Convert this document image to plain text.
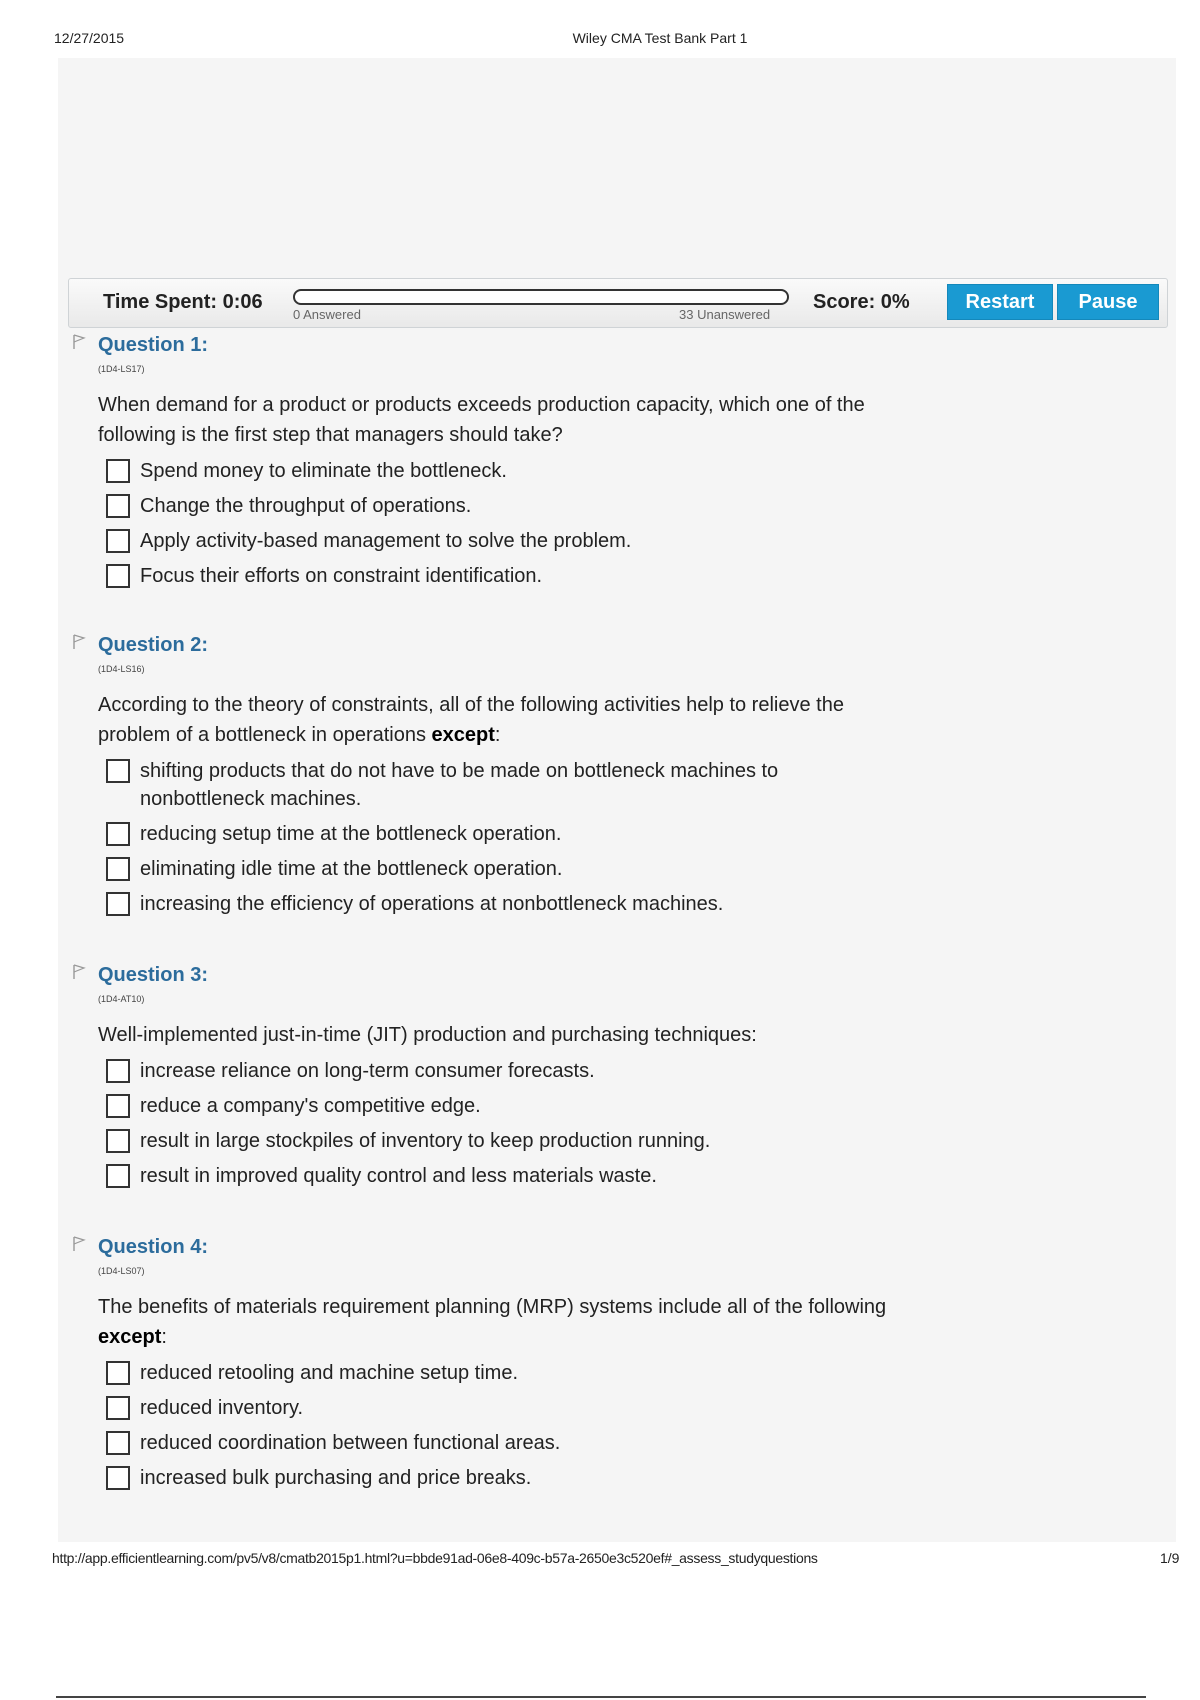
12/27/2015	Wiley CMA Test Bank Part 1
Time Spent: 0:06
0 Answered	33 Unanswered
Score: 0%	Restart	Pause
Question 1:
(1D4-LS17)
When demand for a product or products exceeds production capacity, which one of the following is the first step that managers should take?
Spend money to eliminate the bottleneck.
Change the throughput of operations.
Apply activity-based management to solve the problem.
Focus their efforts on constraint identification.
Question 2:
(1D4-LS16)
According to the theory of constraints, all of the following activities help to relieve the problem of a bottleneck in operations except:
shifting products that do not have to be made on bottleneck machines to nonbottleneck machines.
reducing setup time at the bottleneck operation.
eliminating idle time at the bottleneck operation.
increasing the efficiency of operations at nonbottleneck machines.
Question 3:
(1D4-AT10)
Well-implemented just-in-time (JIT) production and purchasing techniques:
increase reliance on long-term consumer forecasts.
reduce a company's competitive edge.
result in large stockpiles of inventory to keep production running.
result in improved quality control and less materials waste.
Question 4:
(1D4-LS07)
The benefits of materials requirement planning (MRP) systems include all of the following except:
reduced retooling and machine setup time.
reduced inventory.
reduced coordination between functional areas.
increased bulk purchasing and price breaks.
http://app.efficientlearning.com/pv5/v8/cmatb2015p1.html?u=bbde91ad-06e8-409c-b57a-2650e3c520ef#_assess_studyquestions	1/9
